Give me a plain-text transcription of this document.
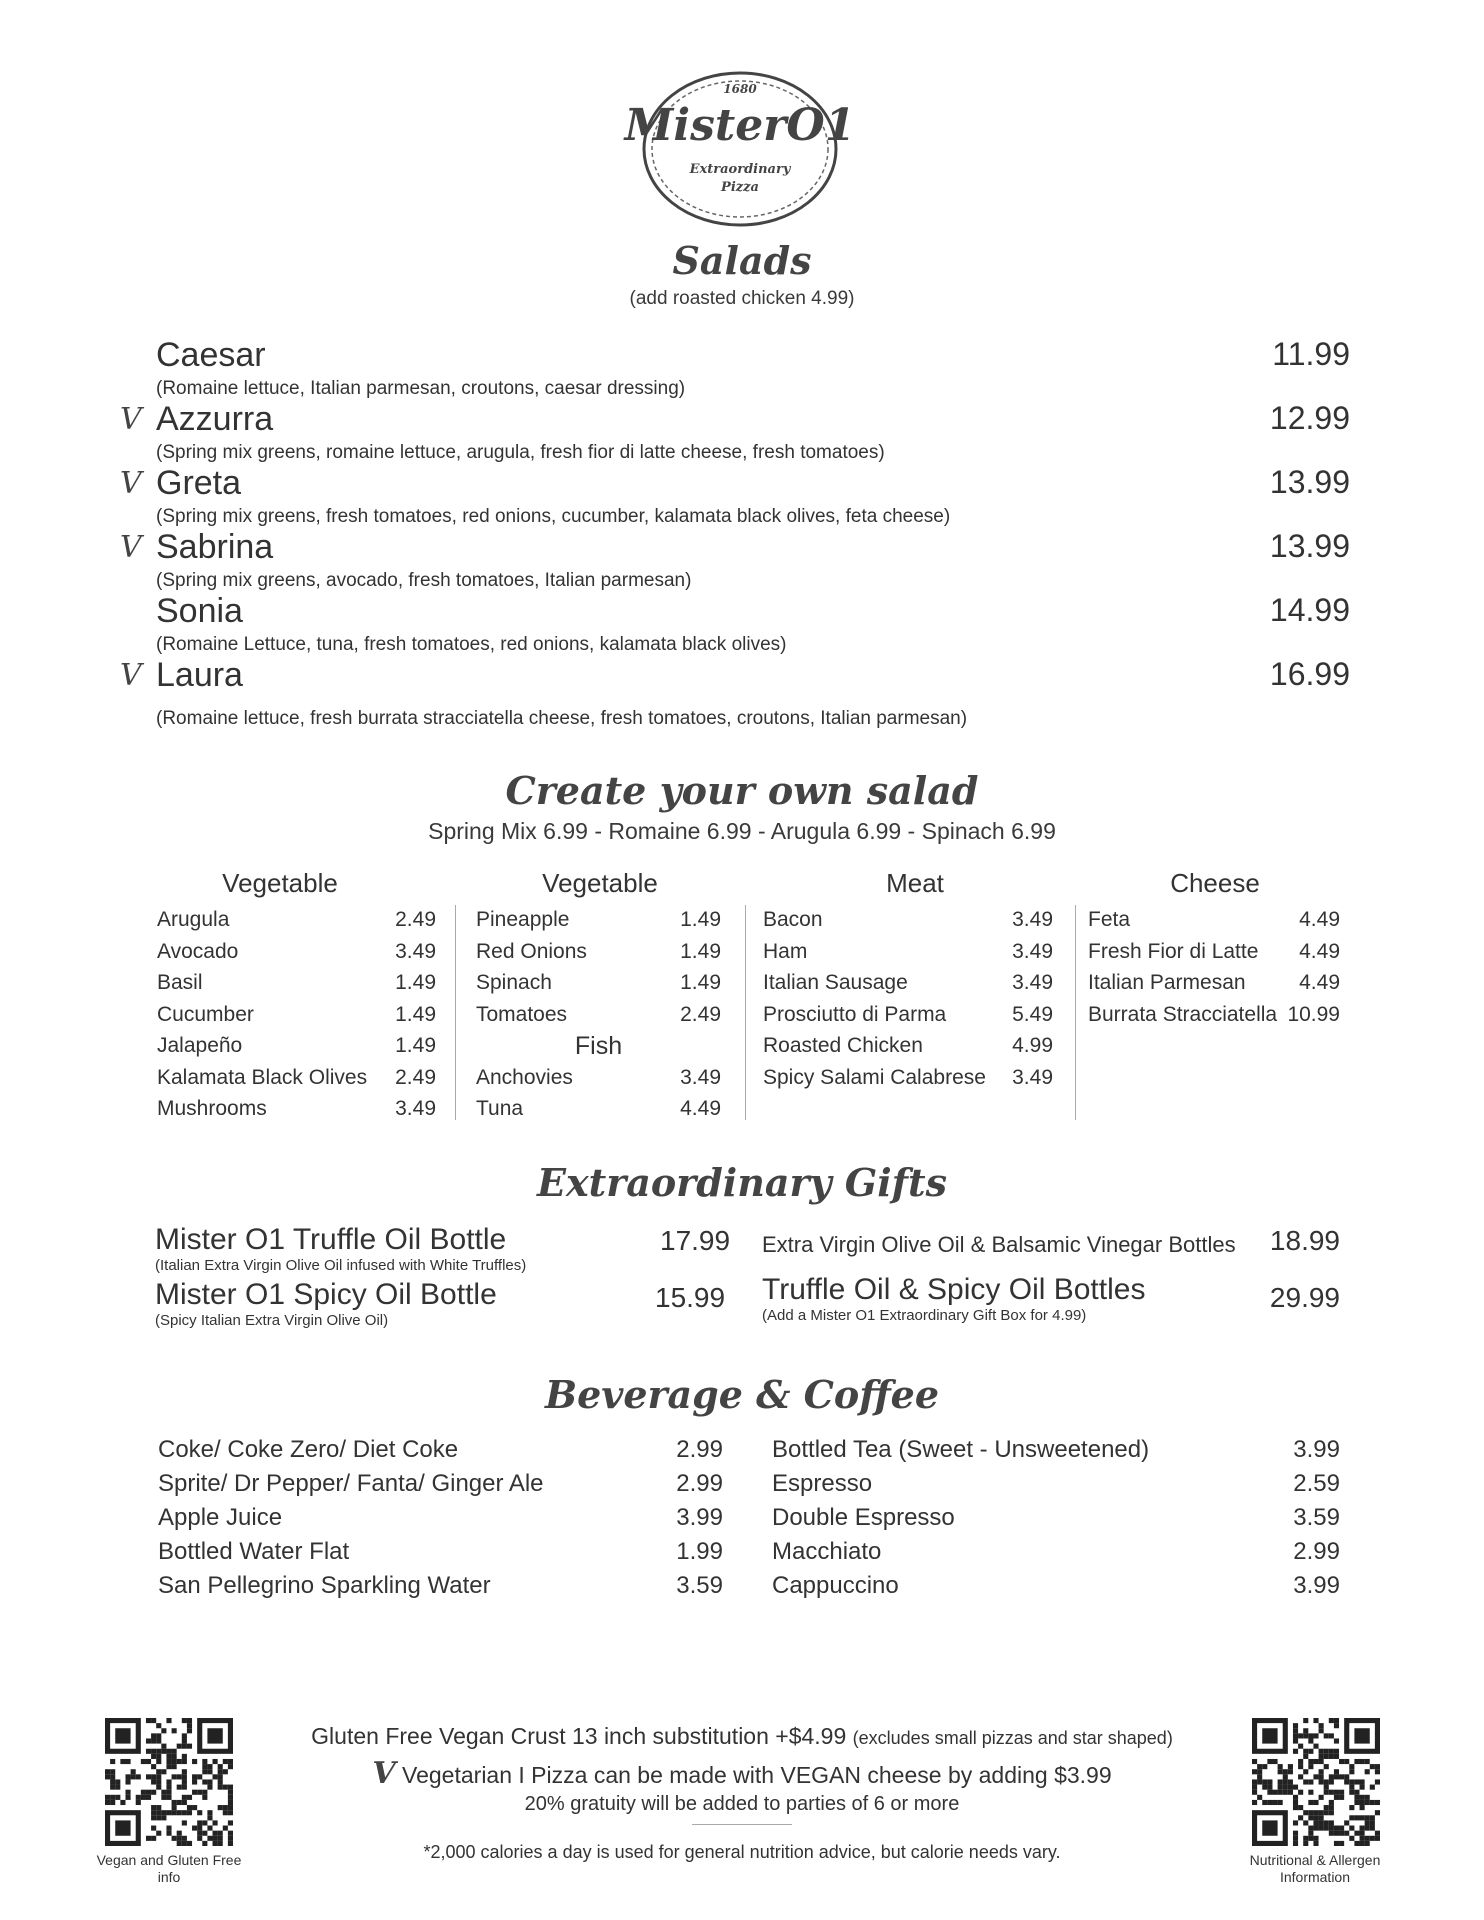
1680
MisterO1
Extraordinary
Pizza
Salads
(add roasted chicken 4.99)
Caesar	11.99
(Romaine lettuce, Italian parmesan, croutons, caesar dressing)
V Azzurra	12.99
(Spring mix greens, romaine lettuce, arugula, fresh fior di latte cheese, fresh tomatoes)
V Greta	13.99
(Spring mix greens, fresh tomatoes, red onions, cucumber, kalamata black olives, feta cheese)
V Sabrina	13.99
(Spring mix greens, avocado, fresh tomatoes, Italian parmesan)
Sonia	14.99
(Romaine Lettuce, tuna, fresh tomatoes, red onions, kalamata black olives)
V Laura	16.99
(Romaine lettuce, fresh burrata stracciatella cheese, fresh tomatoes, croutons, Italian parmesan)
Create your own salad
Spring Mix 6.99 - Romaine 6.99 - Arugula 6.99 - Spinach 6.99
Vegetable	Vegetable	Meat	Cheese
Arugula	2.49
Avocado	3.49
Basil	1.49
Cucumber	1.49
Jalapeño	1.49
Kalamata Black Olives 2.49
Mushrooms	3.49
Pineapple	1.49
Red Onions	1.49
Spinach	1.49
Tomatoes	2.49
Fish
Anchovies	3.49
Tuna	4.49
Bacon	3.49
Ham	3.49
Italian Sausage	3.49
Prosciutto di Parma	5.49
Roasted Chicken	4.99
Spicy Salami Calabrese 3.49
Feta	4.49
Fresh Fior di Latte 4.49
Italian Parmesan	4.49
Burrata Stracciatella 10.99
Extraordinary Gifts
Mister O1 Truffle Oil Bottle
(Italian Extra Virgin Olive Oil infused with White Truffles)
17.99
Mister O1 Spicy Oil Bottle
(Spicy Italian Extra Virgin Olive Oil)
15.99
Extra Virgin Olive Oil & Balsamic Vinegar Bottles	18.99
Truffle Oil & Spicy Oil Bottles
(Add a Mister O1 Extraordinary Gift Box for 4.99)
29.99
Beverage & Coffee
Coke/ Coke Zero/ Diet Coke	2.99
Sprite/ Dr Pepper/ Fanta/ Ginger Ale	2.99
Apple Juice	3.99
Bottled Water Flat	1.99
San Pellegrino Sparkling Water	3.59
Bottled Tea (Sweet - Unsweetened)	3.99
Espresso	2.59
Double Espresso	3.59
Macchiato	2.99
Cappuccino	3.99
Gluten Free Vegan Crust 13 inch substitution +$4.99 (excludes small pizzas and star shaped)
V Vegetarian I Pizza can be made with VEGAN cheese by adding $3.99
20% gratuity will be added to parties of 6 or more
*2,000 calories a day is used for general nutrition advice, but calorie needs vary.
Vegan and Gluten Free info
Nutritional & Allergen Information
